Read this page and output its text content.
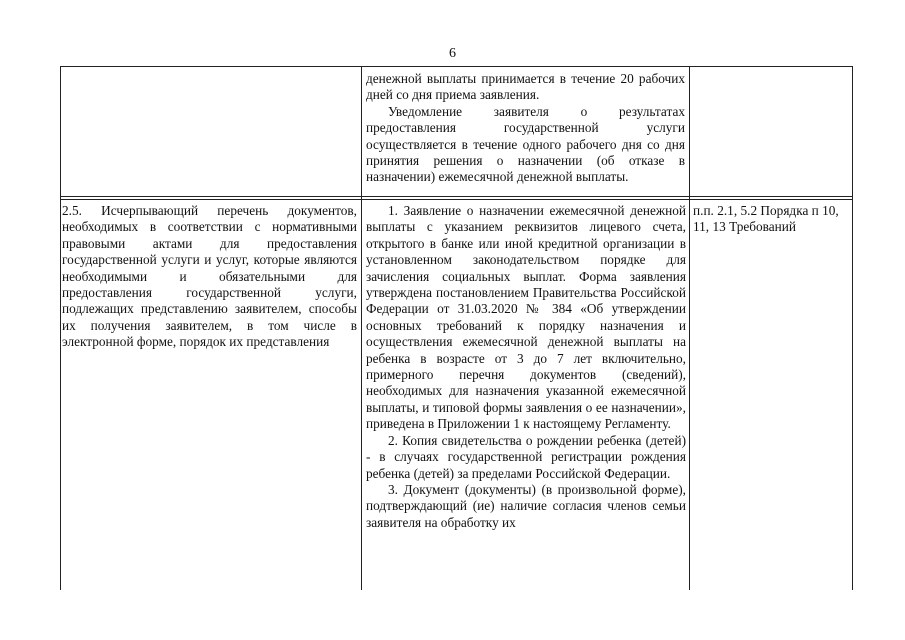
6

денежной выплаты принимается в течение 20 рабочих дней со дня приема заявления.

Уведомление заявителя о результатах предоставления государственной услуги осуществляется в течение одного рабочего дня со дня принятия решения о назначении (об отказе в назначении) ежемесячной денежной выплаты.

2.5. Исчерпывающий перечень документов, необходимых в соответствии с нормативными правовыми актами для предоставления государственной услуги и услуг, которые являются необходимыми и обязательными для предоставления государственной услуги, подлежащих представлению заявителем, способы их получения заявителем, в том числе в электронной форме, порядок их представления

1. Заявление о назначении ежемесячной денежной выплаты с указанием реквизитов лицевого счета, открытого в банке или иной кредитной организации в установленном законодательством порядке для зачисления социальных выплат. Форма заявления утверждена постановлением Правительства Российской Федерации от 31.03.2020 № 384 «Об утверждении основных требований к порядку назначения и осуществления ежемесячной денежной выплаты на ребенка в возрасте от 3 до 7 лет включительно, примерного перечня документов (сведений), необходимых для назначения указанной ежемесячной выплаты, и типовой формы заявления о ее назначении», приведена в Приложении 1 к настоящему Регламенту.

2. Копия свидетельства о рождении ребенка (детей) - в случаях государственной регистрации рождения ребенка (детей) за пределами Российской Федерации.

3. Документ (документы) (в произвольной форме), подтверждающий (ие) наличие согласия членов семьи заявителя на обработку их

п.п. 2.1, 5.2 Порядка п 10, 11, 13 Требований
